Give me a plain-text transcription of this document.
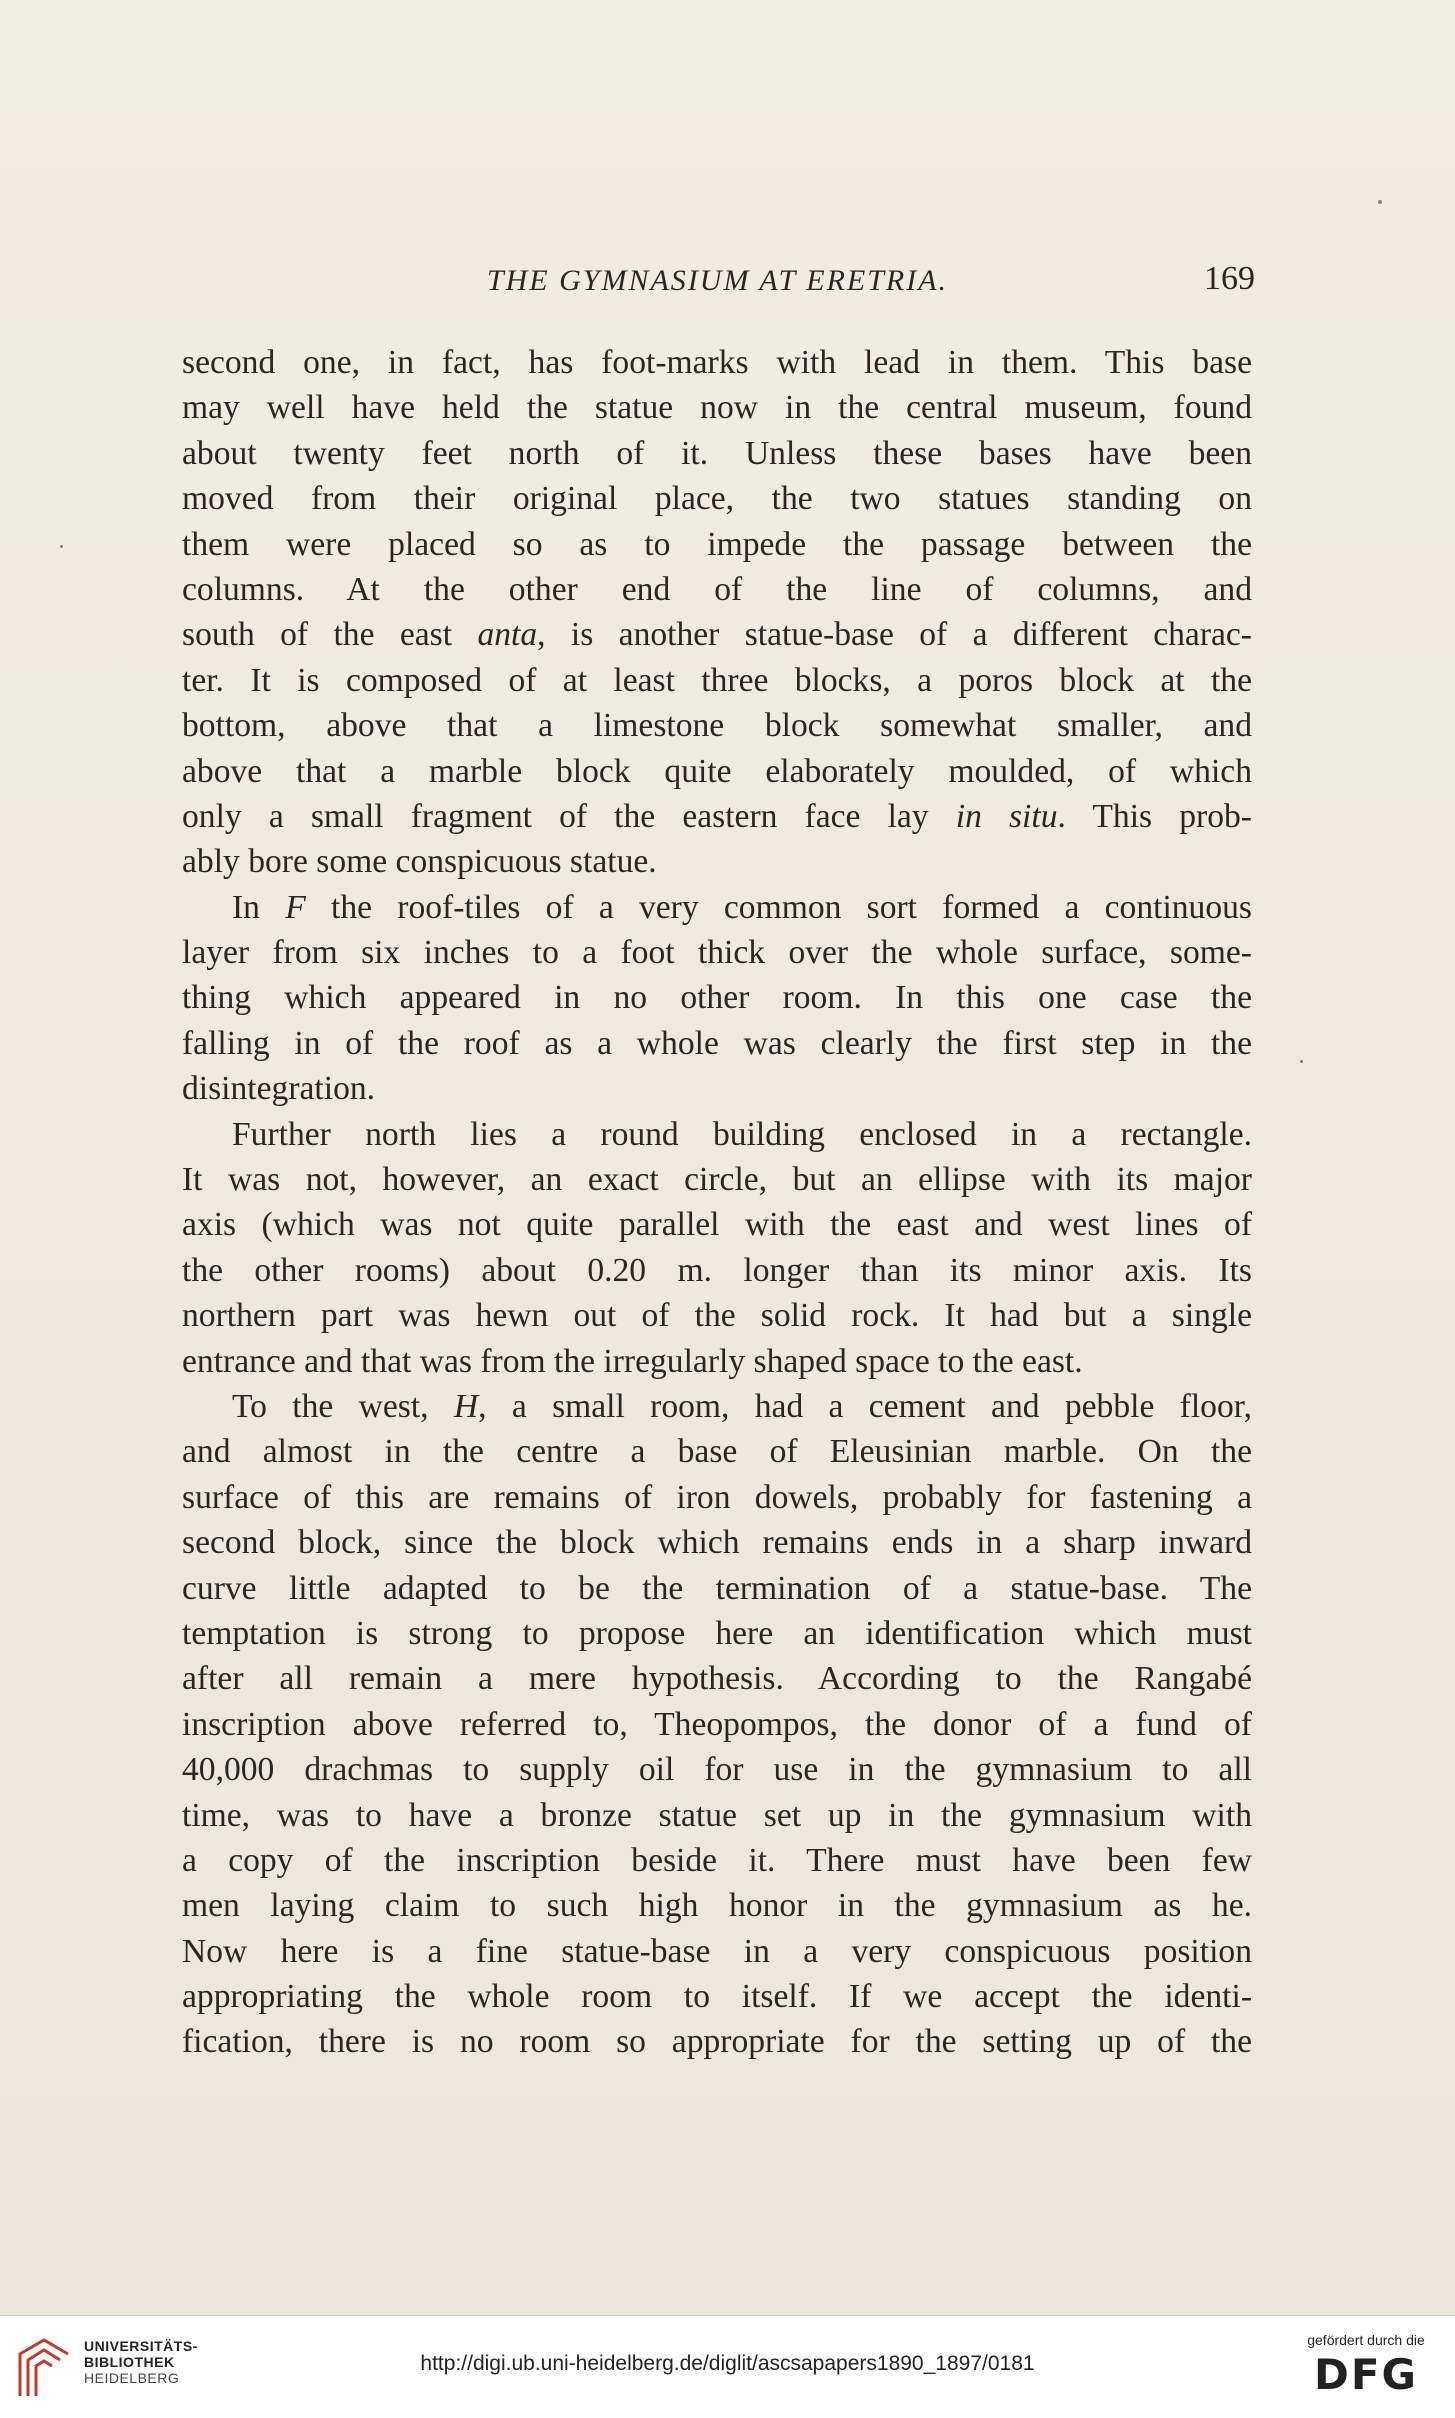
THE GYMNASIUM AT ERETRIA.	169
second one, in fact, has foot-marks with lead in them. This base
may well have held the statue now in the central museum, found
about twenty feet north of it. Unless these bases have been
moved from their original place, the two statues standing on
them were placed so as to impede the passage between the
columns. At the other end of the line of columns, and
south of the east anta, is another statue-base of a different charac-
ter. It is composed of at least three blocks, a poros block at the
bottom, above that a limestone block somewhat smaller, and
above that a marble block quite elaborately moulded, of which
only a small fragment of the eastern face lay in situ. This prob-
ably bore some conspicuous statue.
In F the roof-tiles of a very common sort formed a continuous
layer from six inches to a foot thick over the whole surface, some-
thing which appeared in no other room. In this one case the
falling in of the roof as a whole was clearly the first step in the
disintegration.
Further north lies a round building enclosed in a rectangle.
It was not, however, an exact circle, but an ellipse with its major
axis (which was not quite parallel with the east and west lines of
the other rooms) about 0.20 m. longer than its minor axis. Its
northern part was hewn out of the solid rock. It had but a single
entrance and that was from the irregularly shaped space to the east.
To the west, H, a small room, had a cement and pebble floor,
and almost in the centre a base of Eleusinian marble. On the
surface of this are remains of iron dowels, probably for fastening a
second block, since the block which remains ends in a sharp inward
curve little adapted to be the termination of a statue-base. The
temptation is strong to propose here an identification which must
after all remain a mere hypothesis. According to the Rangabé
inscription above referred to, Theopompos, the donor of a fund of
40,000 drachmas to supply oil for use in the gymnasium to all
time, was to have a bronze statue set up in the gymnasium with
a copy of the inscription beside it. There must have been few
men laying claim to such high honor in the gymnasium as he.
Now here is a fine statue-base in a very conspicuous position
appropriating the whole room to itself. If we accept the identi-
fication, there is no room so appropriate for the setting up of the
UNIVERSITÄTS-
BIBLIOTHEK
HEIDELBERG
http://digi.ub.uni-heidelberg.de/diglit/ascsapapers1890_1897/0181
gefördert durch die
DFG
